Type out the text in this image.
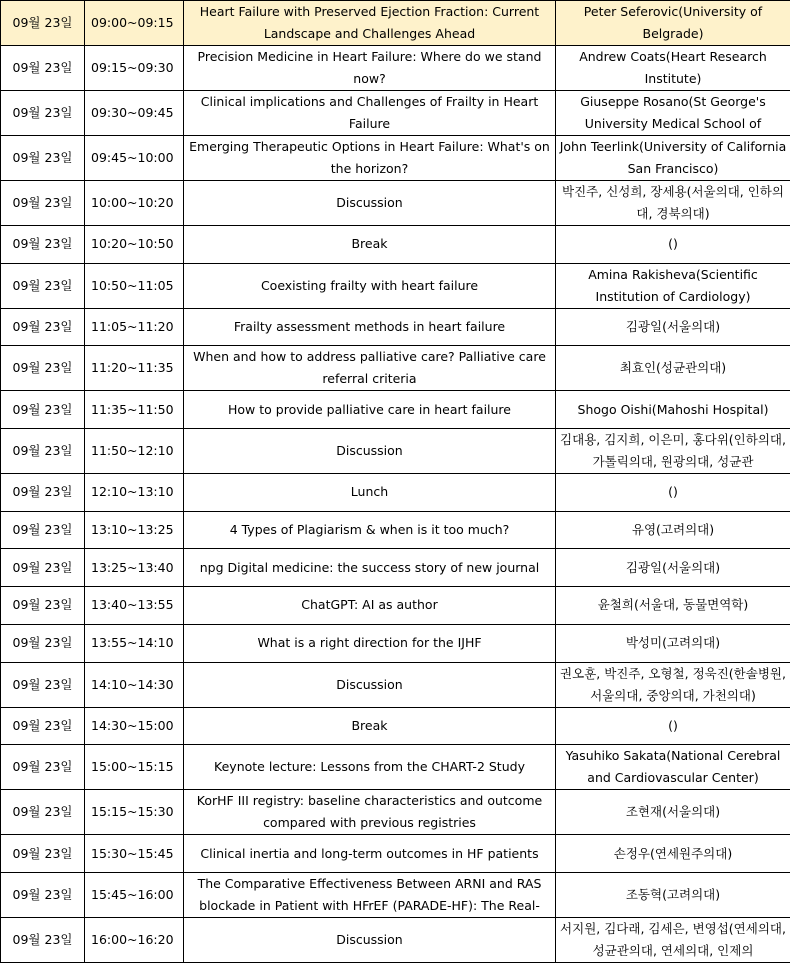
09월 23일	09:00~09:15	Heart Failure with Preserved Ejection Fraction: Current Landscape and Challenges Ahead	Peter Seferovic(University of Belgrade)

09월 23일	09:15~09:30	Precision Medicine in Heart Failure: Where do we stand now?	Andrew Coats(Heart Research Institute)

09월 23일	09:30~09:45	Clinical implications and Challenges of Frailty in Heart Failure	Giuseppe Rosano(St George's University Medical School of

09월 23일	09:45~10:00	Emerging Therapeutic Options in Heart Failure: What's on the horizon?	John Teerlink(University of California San Francisco)

09월 23일	10:00~10:20	Discussion	박진주, 신성희, 장세용(서울의대, 인하의대, 경북의대)

09월 23일	10:20~10:50	Break	()

09월 23일	10:50~11:05	Coexisting frailty with heart failure	Amina Rakisheva(Scientific Institution of Cardiology)

09월 23일	11:05~11:20	Frailty assessment methods in heart failure	김광일(서울의대)

09월 23일	11:20~11:35	When and how to address palliative care? Palliative care referral criteria	최효인(성균관의대)

09월 23일	11:35~11:50	How to provide palliative care in heart failure	Shogo Oishi(Mahoshi Hospital)

09월 23일	11:50~12:10	Discussion	김대용, 김지희, 이은미, 홍다위(인하의대, 가톨릭의대, 원광의대, 성균관

09월 23일	12:10~13:10	Lunch	()

09월 23일	13:10~13:25	4 Types of Plagiarism & when is it too much?	유영(고려의대)

09월 23일	13:25~13:40	npg Digital medicine: the success story of new journal	김광일(서울의대)

09월 23일	13:40~13:55	ChatGPT: AI as author	윤철희(서울대, 동물면역학)

09월 23일	13:55~14:10	What is a right direction for the IJHF	박성미(고려의대)

09월 23일	14:10~14:30	Discussion	권오훈, 박진주, 오형철, 정욱진(한솔병원, 서울의대, 중앙의대, 가천의대)

09월 23일	14:30~15:00	Break	()

09월 23일	15:00~15:15	Keynote lecture: Lessons from the CHART-2 Study	Yasuhiko Sakata(National Cerebral and Cardiovascular Center)

09월 23일	15:15~15:30	KorHF III registry: baseline characteristics and outcome compared with previous registries	조현재(서울의대)

09월 23일	15:30~15:45	Clinical inertia and long-term outcomes in HF patients	손정우(연세원주의대)

09월 23일	15:45~16:00	The Comparative Effectiveness Between ARNI and RAS blockade in Patient with HFrEF (PARADE-HF): The Real-	조동혁(고려의대)

09월 23일	16:00~16:20	Discussion	서지원, 김다래, 김세은, 변영섭(연세의대, 성균관의대, 연세의대, 인제의
